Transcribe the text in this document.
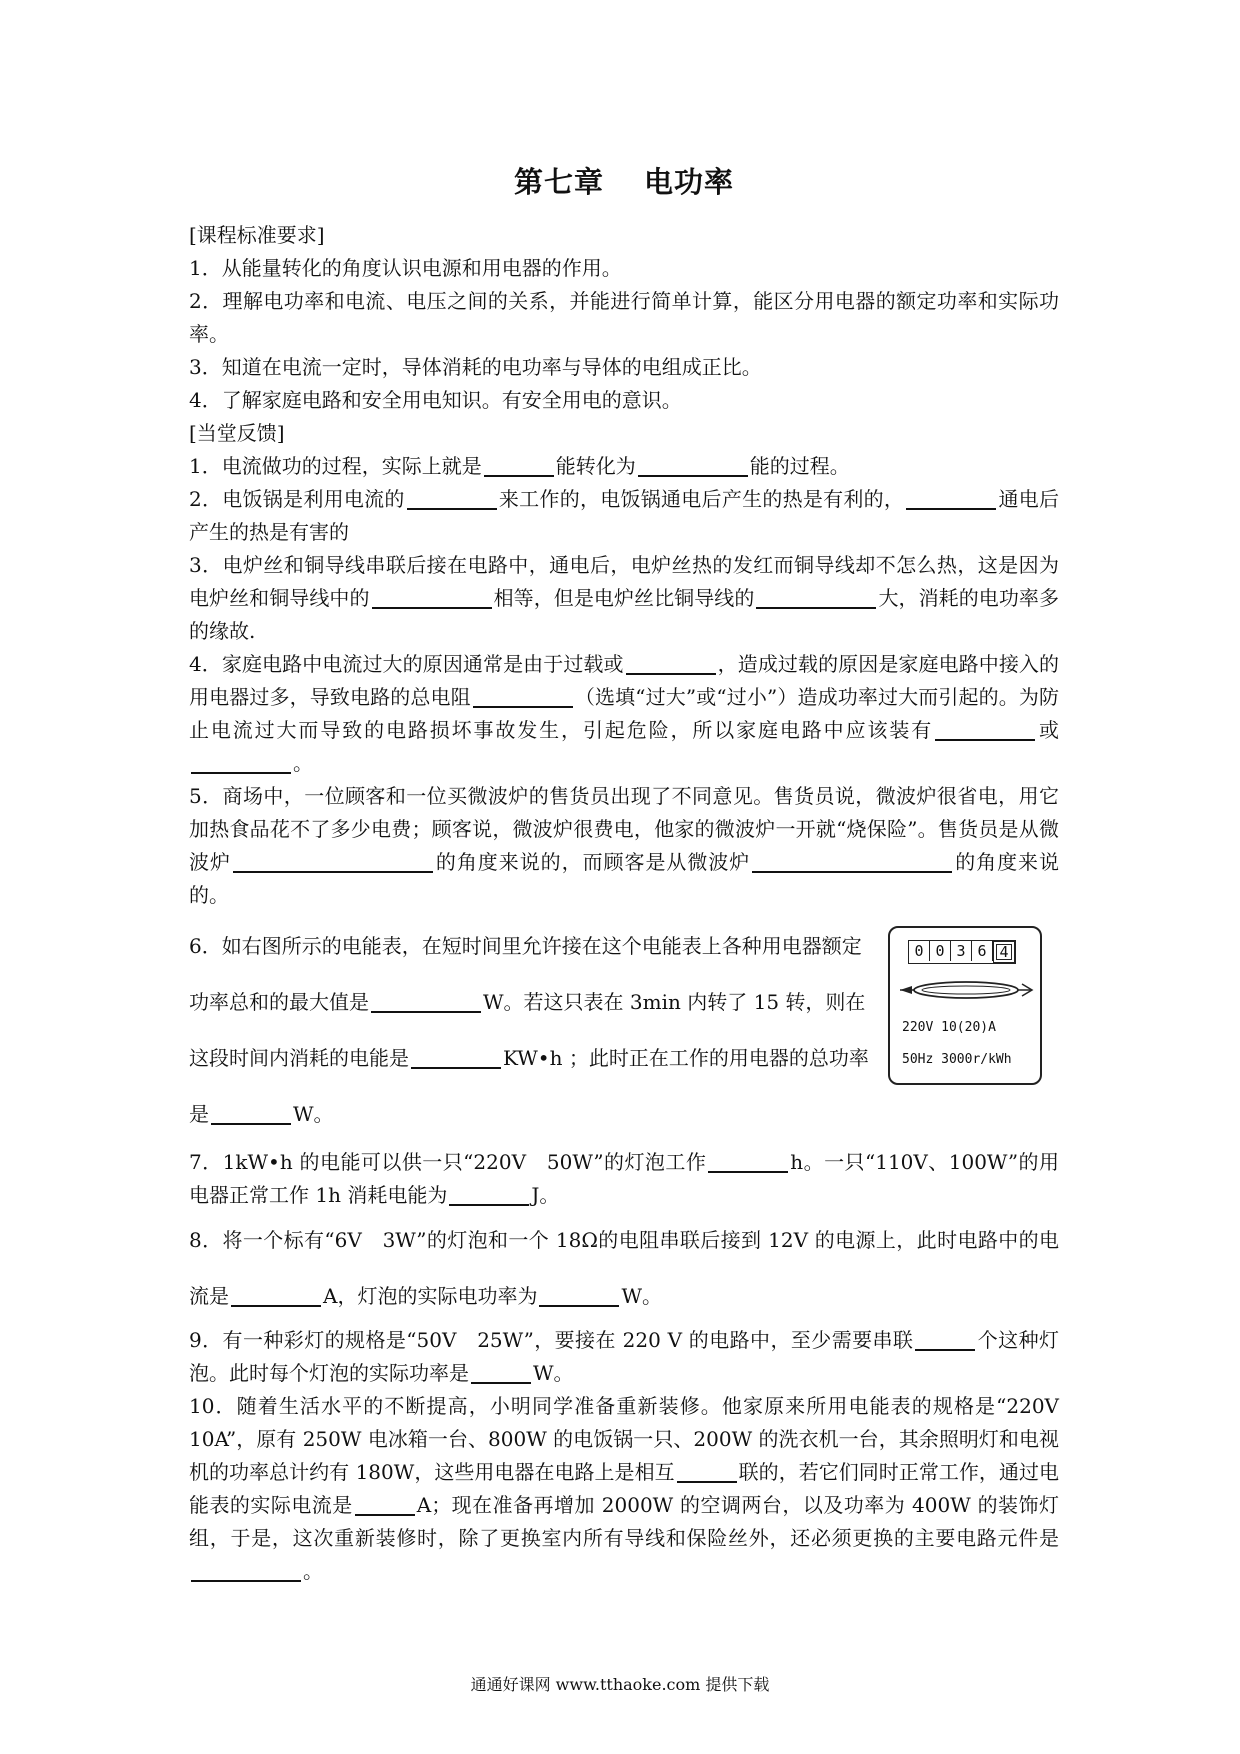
第七章 电功率
[课程标准要求]

1．从能量转化的角度认识电源和用电器的作用。

2．理解电功率和电流、电压之间的关系，并能进行简单计算，能区分用电器的额定功率和实际功率。

3．知道在电流一定时，导体消耗的电功率与导体的电组成正比。

4．了解家庭电路和安全用电知识。有安全用电的意识。

[当堂反馈]

1．电流做功的过程，实际上就是	能转化为	能的过程。

2．电饭锅是利用电流的	来工作的，电饭锅通电后产生的热是有利的，	通电后产生的热是有害的

3．电炉丝和铜导线串联后接在电路中，通电后，电炉丝热的发红而铜导线却不怎么热，这是因为电炉丝和铜导线中的	相等，但是电炉丝比铜导线的	大，消耗的电功率多的缘故.

4．家庭电路中电流过大的原因通常是由于过载或	，造成过载的原因是家庭电路中接入的用电器过多，导致电路的总电阻	（选填“过大”或“过小”）造成功率过大而引起的。为防止电流过大而导致的电路损坏事故发生，引起危险，所以家庭电路中应该装有	或。

5．商场中，一位顾客和一位买微波炉的售货员出现了不同意见。售货员说，微波炉很省电，用它加热食品花不了多少电费；顾客说，微波炉很费电，他家的微波炉一开就“烧保险”。售货员是从微波炉	的角度来说的，而顾客是从微波炉	的角度来说的。

6．如右图所示的电能表，在短时间里允许接在这个电能表上各种用电器额定功率总和的最大值是	W。若这只表在 3min 内转了 15 转，则在这段时间内消耗的电能是	KW•h ；此时正在工作的用电器的总功率是	W。
0 0 3 6 4
220V 10(20)A
50Hz 3000r/kWh

7．1kW•h 的电能可以供一只“220V　50W”的灯泡工作	h。一只“110V、100W”的用电器正常工作 1h 消耗电能为	J。

8．将一个标有“6V　3W”的灯泡和一个 18Ω的电阻串联后接到 12V 的电源上，此时电路中的电流是	A，灯泡的实际电功率为	W。

9．有一种彩灯的规格是“50V　25W”，要接在 220 V 的电路中，至少需要串联	个这种灯泡。此时每个灯泡的实际功率是	W。

10．随着生活水平的不断提高，小明同学准备重新装修。他家原来所用电能表的规格是“220V 10A”，原有 250W 电冰箱一台、800W 的电饭锅一只、200W 的洗衣机一台，其余照明灯和电视机的功率总计约有 180W，这些用电器在电路上是相互	联的，若它们同时正常工作，通过电能表的实际电流是	A；现在准备再增加 2000W 的空调两台，以及功率为 400W 的装饰灯组，于是，这次重新装修时，除了更换室内所有导线和保险丝外，还必须更换的主要电路元件是。

通通好课网 www.tthaoke.com 提供下载
